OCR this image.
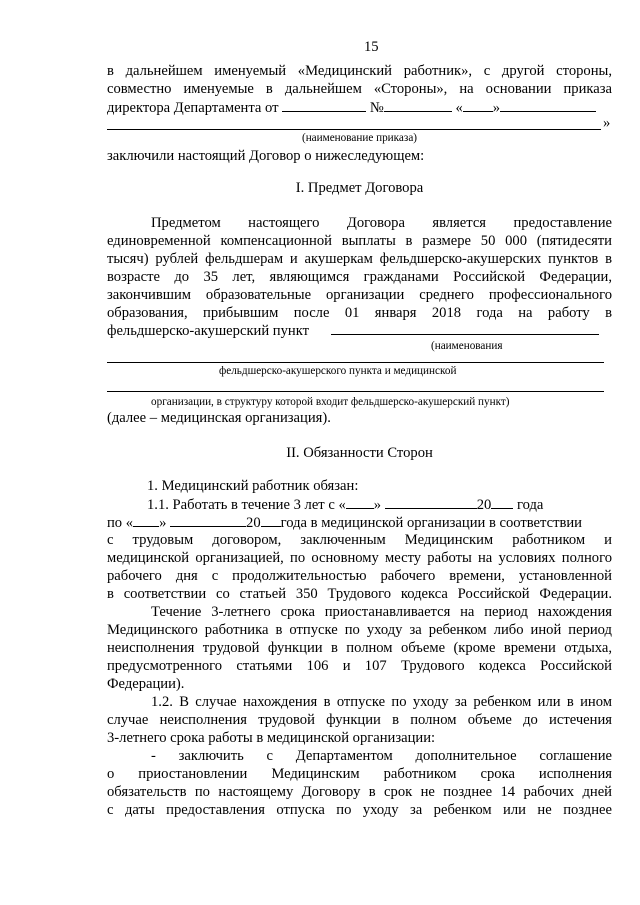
15
в дальнейшем именуемый «Медицинский работник», с другой стороны,
совместно именуемые в дальнейшем «Стороны», на основании приказа
директора Департамента от	№	« »
»
(наименование приказа)
заключили настоящий Договор о нижеследующем:
I. Предмет Договора
Предметом настоящего Договора является предоставление
единовременной компенсационной выплаты в размере 50 000 (пятидесяти
тысяч) рублей фельдшерам и акушеркам фельдшерско-акушерских пунктов в
возрасте до 35 лет, являющимся гражданами Российской Федерации,
закончившим образовательные организации среднего профессионального
образования, прибывшим после 01 января 2018 года на работу в
фельдшерско-акушерский пункт
(наименования
фельдшерско-акушерского пункта и медицинской
организации, в структуру которой входит фельдшерско-акушерский пункт)
(далее – медицинская организация).
II. Обязанности Сторон
1. Медицинский работник обязан:
1.1. Работать в течение 3 лет с « »	20 года
по « »	20 года в медицинской организации в соответствии
с трудовым договором, заключенным Медицинским работником и
медицинской организацией, по основному месту работы на условиях полного
рабочего дня с продолжительностью рабочего времени, установленной
в соответствии со статьей 350 Трудового кодекса Российской Федерации.
Течение 3-летнего срока приостанавливается на период нахождения
Медицинского работника в отпуске по уходу за ребенком либо иной период
неисполнения трудовой функции в полном объеме (кроме времени отдыха,
предусмотренного статьями 106 и 107 Трудового кодекса Российской
Федерации).
1.2. В случае нахождения в отпуске по уходу за ребенком или в ином
случае неисполнения трудовой функции в полном объеме до истечения
3-летнего срока работы в медицинской организации:
- заключить с Департаментом дополнительное соглашение
о приостановлении Медицинским работником срока исполнения
обязательств по настоящему Договору в срок не позднее 14 рабочих дней
с даты предоставления отпуска по уходу за ребенком или не позднее
